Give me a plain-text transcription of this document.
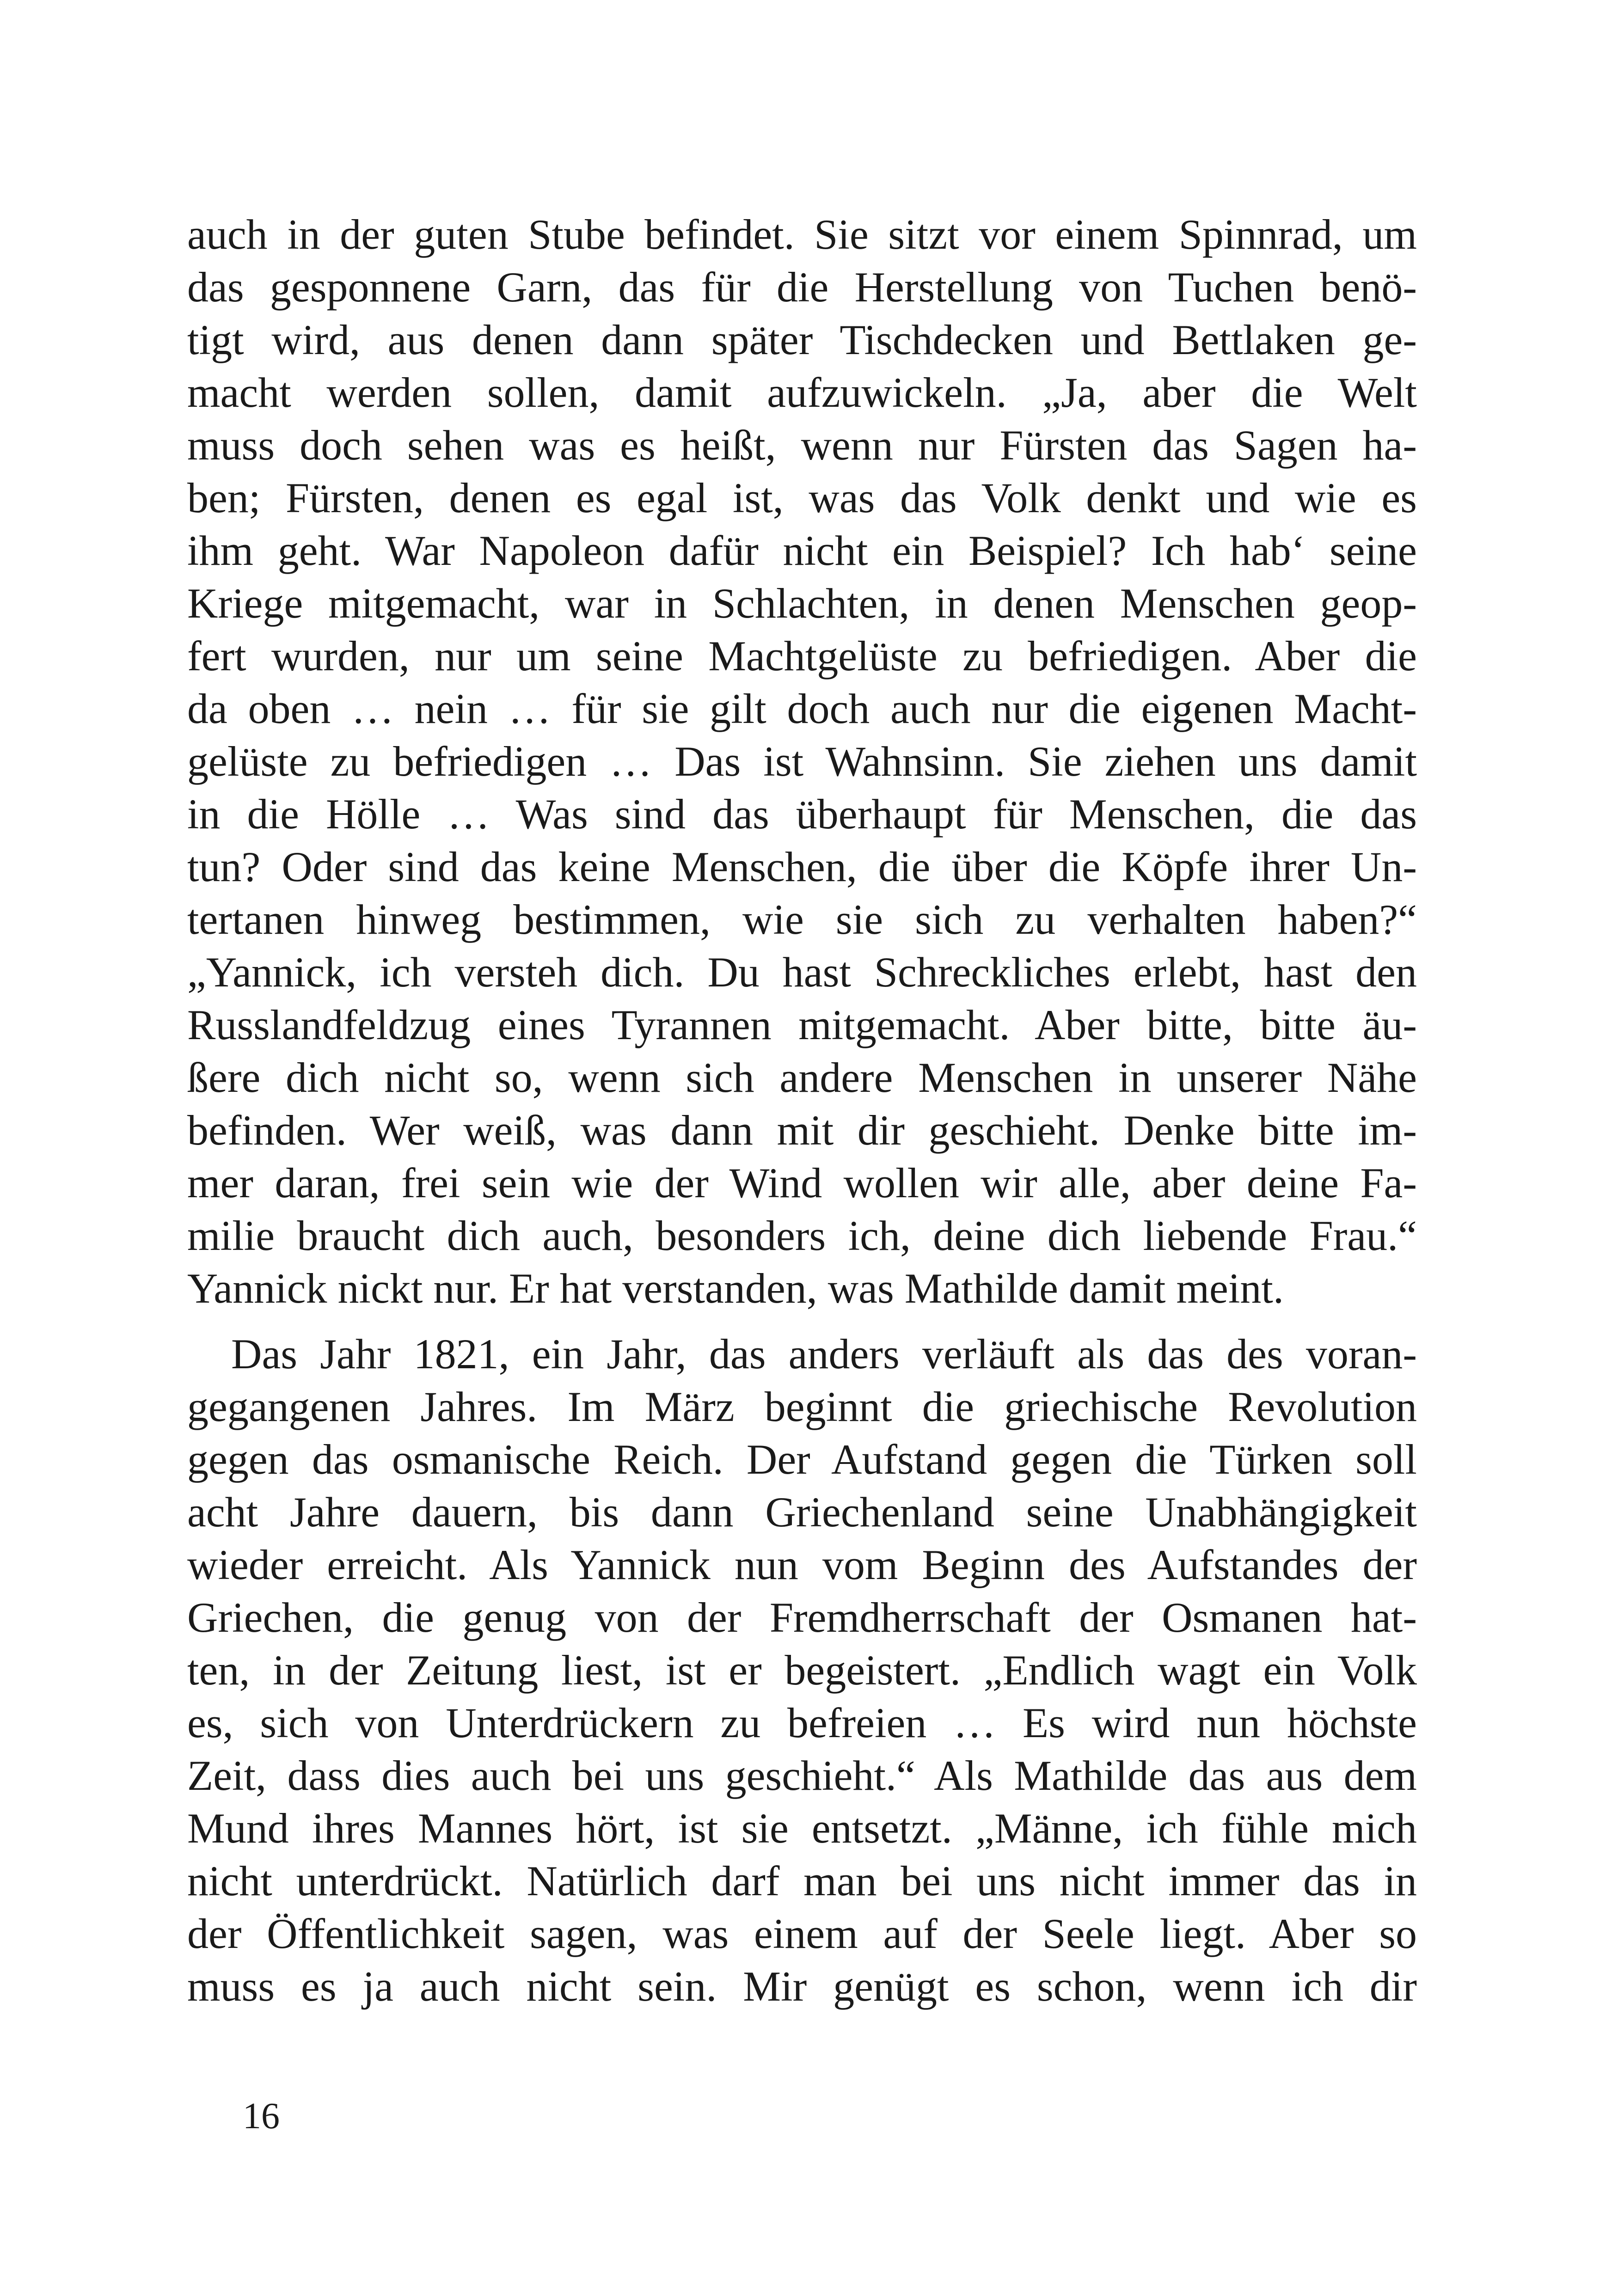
auch in der guten Stube befindet. Sie sitzt vor einem Spinnrad, um
das gesponnene Garn, das für die Herstellung von Tuchen benö-
tigt wird, aus denen dann später Tischdecken und Bettlaken ge-
macht werden sollen, damit aufzuwickeln. „Ja, aber die Welt
muss doch sehen was es heißt, wenn nur Fürsten das Sagen ha-
ben; Fürsten, denen es egal ist, was das Volk denkt und wie es
ihm geht. War Napoleon dafür nicht ein Beispiel? Ich hab‘ seine
Kriege mitgemacht, war in Schlachten, in denen Menschen geop-
fert wurden, nur um seine Machtgelüste zu befriedigen. Aber die
da oben … nein … für sie gilt doch auch nur die eigenen Macht-
gelüste zu befriedigen … Das ist Wahnsinn. Sie ziehen uns damit
in die Hölle … Was sind das überhaupt für Menschen, die das
tun? Oder sind das keine Menschen, die über die Köpfe ihrer Un-
tertanen hinweg bestimmen, wie sie sich zu verhalten haben?“
„Yannick, ich versteh dich. Du hast Schreckliches erlebt, hast den
Russlandfeldzug eines Tyrannen mitgemacht. Aber bitte, bitte äu-
ßere dich nicht so, wenn sich andere Menschen in unserer Nähe
befinden. Wer weiß, was dann mit dir geschieht. Denke bitte im-
mer daran, frei sein wie der Wind wollen wir alle, aber deine Fa-
milie braucht dich auch, besonders ich, deine dich liebende Frau.“
Yannick nickt nur. Er hat verstanden, was Mathilde damit meint.
Das Jahr 1821, ein Jahr, das anders verläuft als das des voran-
gegangenen Jahres. Im März beginnt die griechische Revolution
gegen das osmanische Reich. Der Aufstand gegen die Türken soll
acht Jahre dauern, bis dann Griechenland seine Unabhängigkeit
wieder erreicht. Als Yannick nun vom Beginn des Aufstandes der
Griechen, die genug von der Fremdherrschaft der Osmanen hat-
ten, in der Zeitung liest, ist er begeistert. „Endlich wagt ein Volk
es, sich von Unterdrückern zu befreien … Es wird nun höchste
Zeit, dass dies auch bei uns geschieht.“ Als Mathilde das aus dem
Mund ihres Mannes hört, ist sie entsetzt. „Männe, ich fühle mich
nicht unterdrückt. Natürlich darf man bei uns nicht immer das in
der Öffentlichkeit sagen, was einem auf der Seele liegt. Aber so
muss es ja auch nicht sein. Mir genügt es schon, wenn ich dir
16
